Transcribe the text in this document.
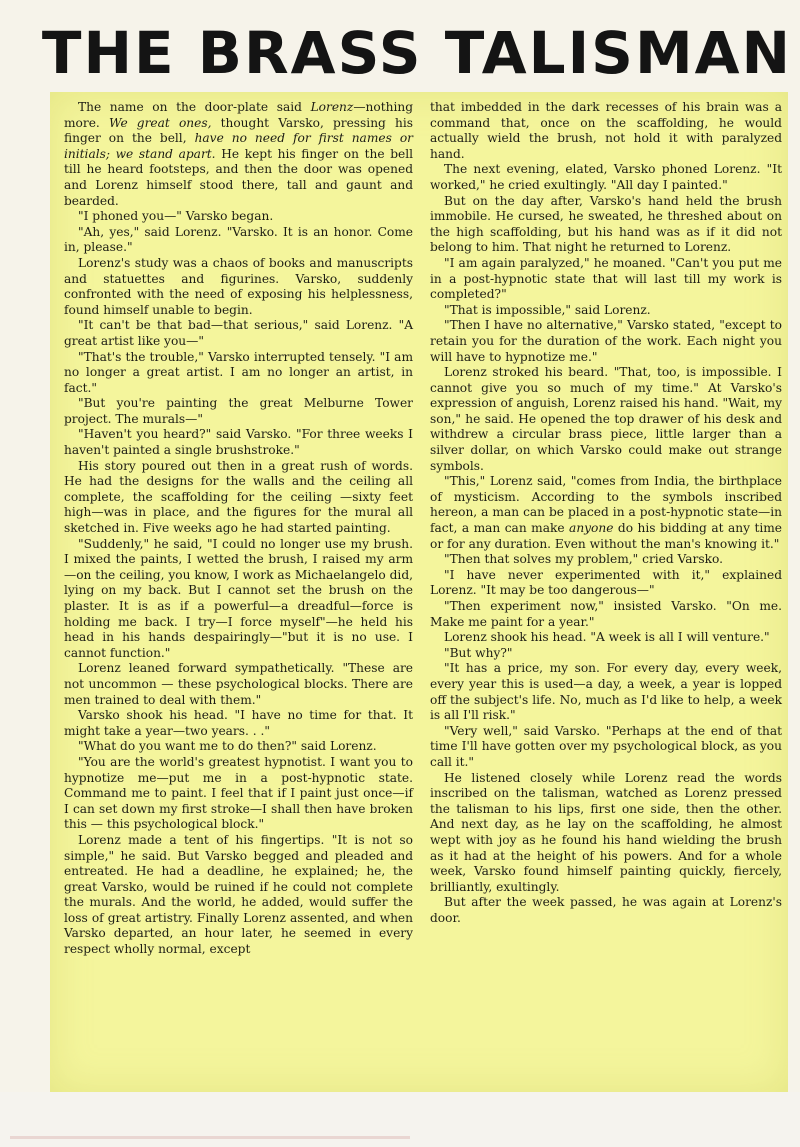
THE BRASS TALISMAN

The name on the door-plate said Lorenz—nothing more. We great ones, thought Varsko, pressing his finger on the bell, have no need for first names or initials; we stand apart. He kept his finger on the bell till he heard footsteps, and then the door was opened and Lorenz himself stood there, tall and gaunt and bearded.

"I phoned you—" Varsko began.

"Ah, yes," said Lorenz. "Varsko. It is an honor. Come in, please."

Lorenz's study was a chaos of books and manuscripts and statuettes and figurines. Varsko, suddenly confronted with the need of exposing his helplessness, found himself unable to begin.

"It can't be that bad—that serious," said Lorenz. "A great artist like you—"

"That's the trouble," Varsko interrupted tensely. "I am no longer a great artist. I am no longer an artist, in fact."

"But you're painting the great Melburne Tower project. The murals—"

"Haven't you heard?" said Varsko. "For three weeks I haven't painted a single brushstroke."

His story poured out then in a great rush of words. He had the designs for the walls and the ceiling all complete, the scaffolding for the ceiling —sixty feet high—was in place, and the figures for the mural all sketched in. Five weeks ago he had started painting.

"Suddenly," he said, "I could no longer use my brush. I mixed the paints, I wetted the brush, I raised my arm—on the ceiling, you know, I work as Michaelangelo did, lying on my back. But I cannot set the brush on the plaster. It is as if a powerful—a dreadful—force is holding me back. I try—I force myself"—he held his head in his hands despairingly—"but it is no use. I cannot function."

Lorenz leaned forward sympathetically. "These are not uncommon — these psychological blocks. There are men trained to deal with them."

Varsko shook his head. "I have no time for that. It might take a year—two years. . ."

"What do you want me to do then?" said Lorenz.

"You are the world's greatest hypnotist. I want you to hypnotize me—put me in a post-hypnotic state. Command me to paint. I feel that if I paint just once—if I can set down my first stroke—I shall then have broken this — this psychological block."

Lorenz made a tent of his fingertips. "It is not so simple," he said. But Varsko begged and pleaded and entreated. He had a deadline, he explained; he, the great Varsko, would be ruined if he could not complete the murals. And the world, he added, would suffer the loss of great artistry. Finally Lorenz assented, and when Varsko departed, an hour later, he seemed in every respect wholly normal, except

that imbedded in the dark recesses of his brain was a command that, once on the scaffolding, he would actually wield the brush, not hold it with paralyzed hand.

The next evening, elated, Varsko phoned Lorenz. "It worked," he cried exultingly. "All day I painted."

But on the day after, Varsko's hand held the brush immobile. He cursed, he sweated, he threshed about on the high scaffolding, but his hand was as if it did not belong to him. That night he returned to Lorenz.

"I am again paralyzed," he moaned. "Can't you put me in a post-hypnotic state that will last till my work is completed?"

"That is impossible," said Lorenz.

"Then I have no alternative," Varsko stated, "except to retain you for the duration of the work. Each night you will have to hypnotize me."

Lorenz stroked his beard. "That, too, is impossible. I cannot give you so much of my time." At Varsko's expression of anguish, Lorenz raised his hand. "Wait, my son," he said. He opened the top drawer of his desk and withdrew a circular brass piece, little larger than a silver dollar, on which Varsko could make out strange symbols.

"This," Lorenz said, "comes from India, the birthplace of mysticism. According to the symbols inscribed hereon, a man can be placed in a post-hypnotic state—in fact, a man can make anyone do his bidding at any time or for any duration. Even without the man's knowing it."

"Then that solves my problem," cried Varsko.

"I have never experimented with it," explained Lorenz. "It may be too dangerous—"

"Then experiment now," insisted Varsko. "On me. Make me paint for a year."

Lorenz shook his head. "A week is all I will venture."

"But why?"

"It has a price, my son. For every day, every week, every year this is used—a day, a week, a year is lopped off the subject's life. No, much as I'd like to help, a week is all I'll risk."

"Very well," said Varsko. "Perhaps at the end of that time I'll have gotten over my psychological block, as you call it."

He listened closely while Lorenz read the words inscribed on the talisman, watched as Lorenz pressed the talisman to his lips, first one side, then the other. And next day, as he lay on the scaffolding, he almost wept with joy as he found his hand wielding the brush as it had at the height of his powers. And for a whole week, Varsko found himself painting quickly, fiercely, brilliantly, exultingly.

But after the week passed, he was again at Lorenz's door.
